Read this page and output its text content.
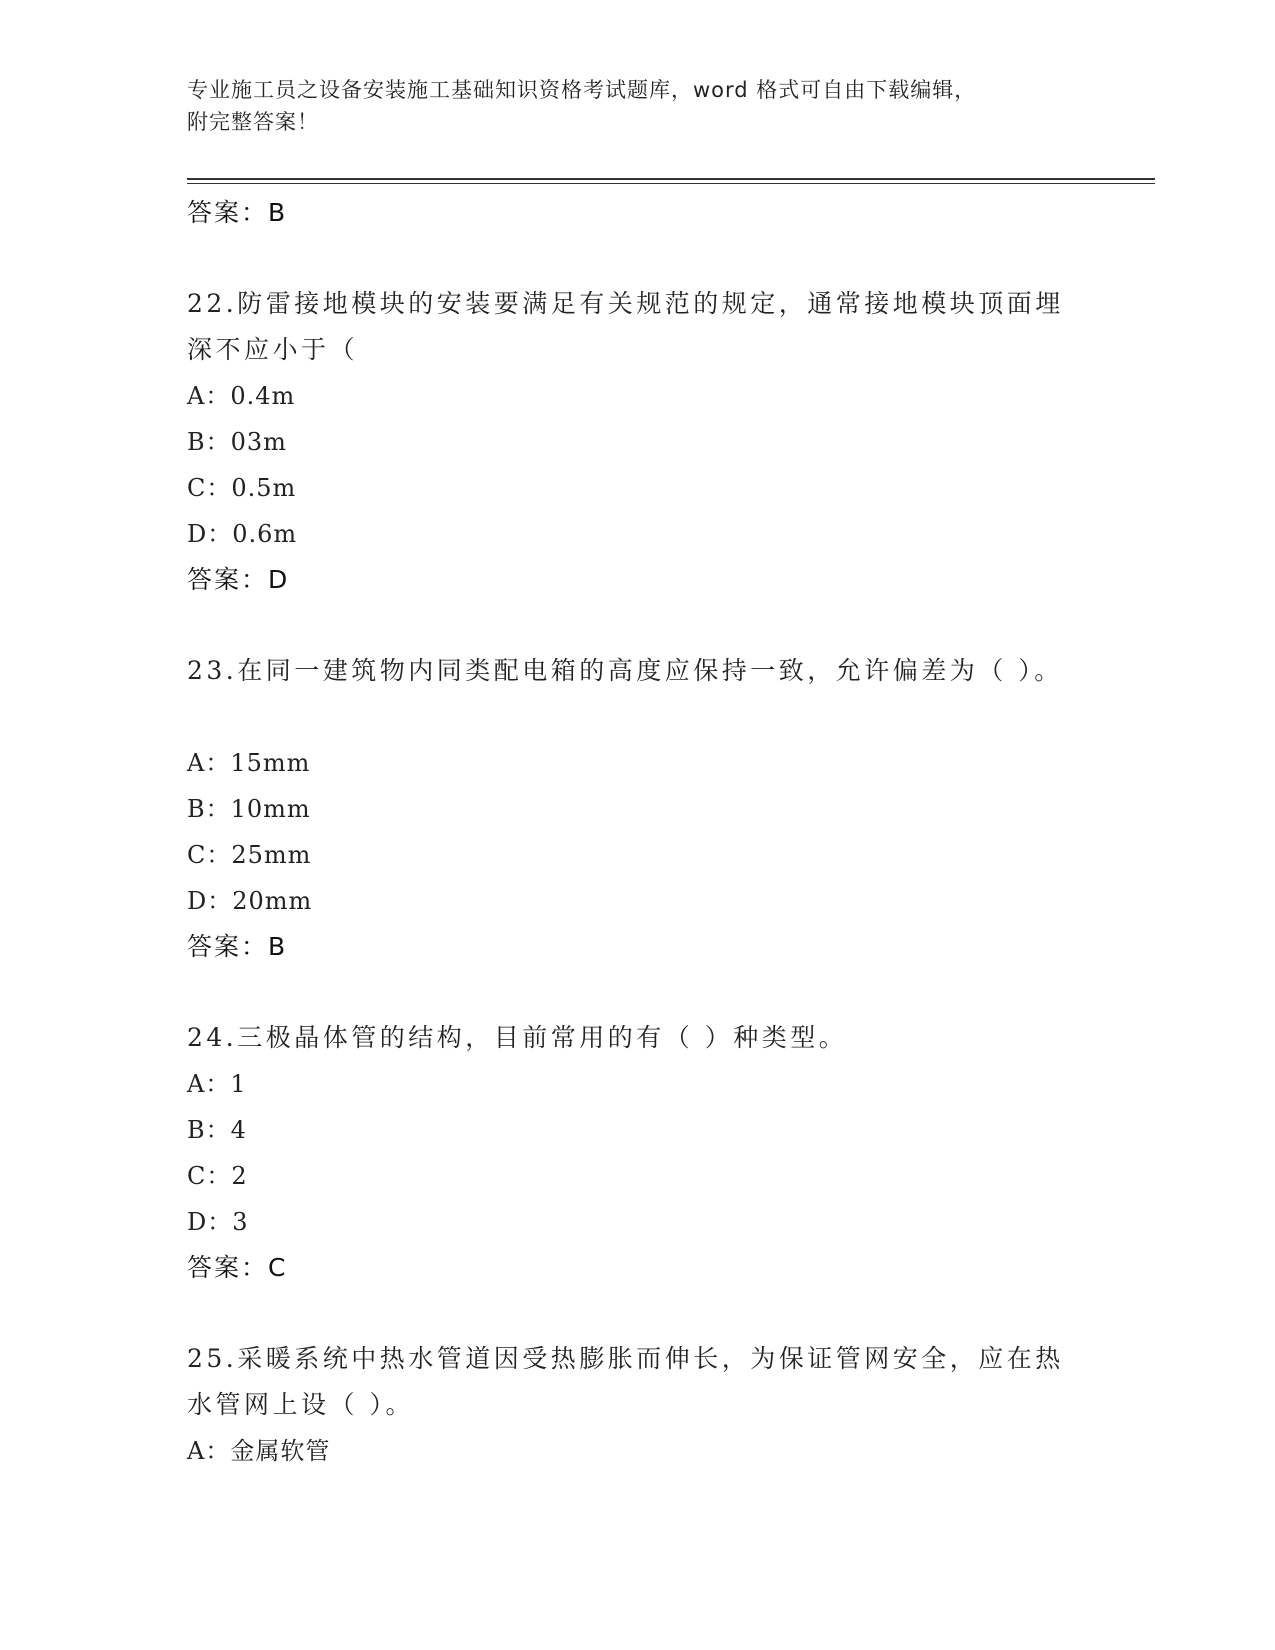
专业施工员之设备安装施工基础知识资格考试题库，word 格式可自由下载编辑，
附完整答案！
答案：B
22.防雷接地模块的安装要满足有关规范的规定，通常接地模块顶面埋深不应小于（
A：0.4m
B：03m
C：0.5m
D：0.6m
答案：D
23.在同一建筑物内同类配电箱的高度应保持一致，允许偏差为（ ）。
A：15mm
B：10mm
C：25mm
D：20mm
答案：B
24.三极晶体管的结构，目前常用的有（ ）种类型。
A：1
B：4
C：2
D：3
答案：C
25.采暖系统中热水管道因受热膨胀而伸长，为保证管网安全，应在热水管网上设（ ）。
A：金属软管
